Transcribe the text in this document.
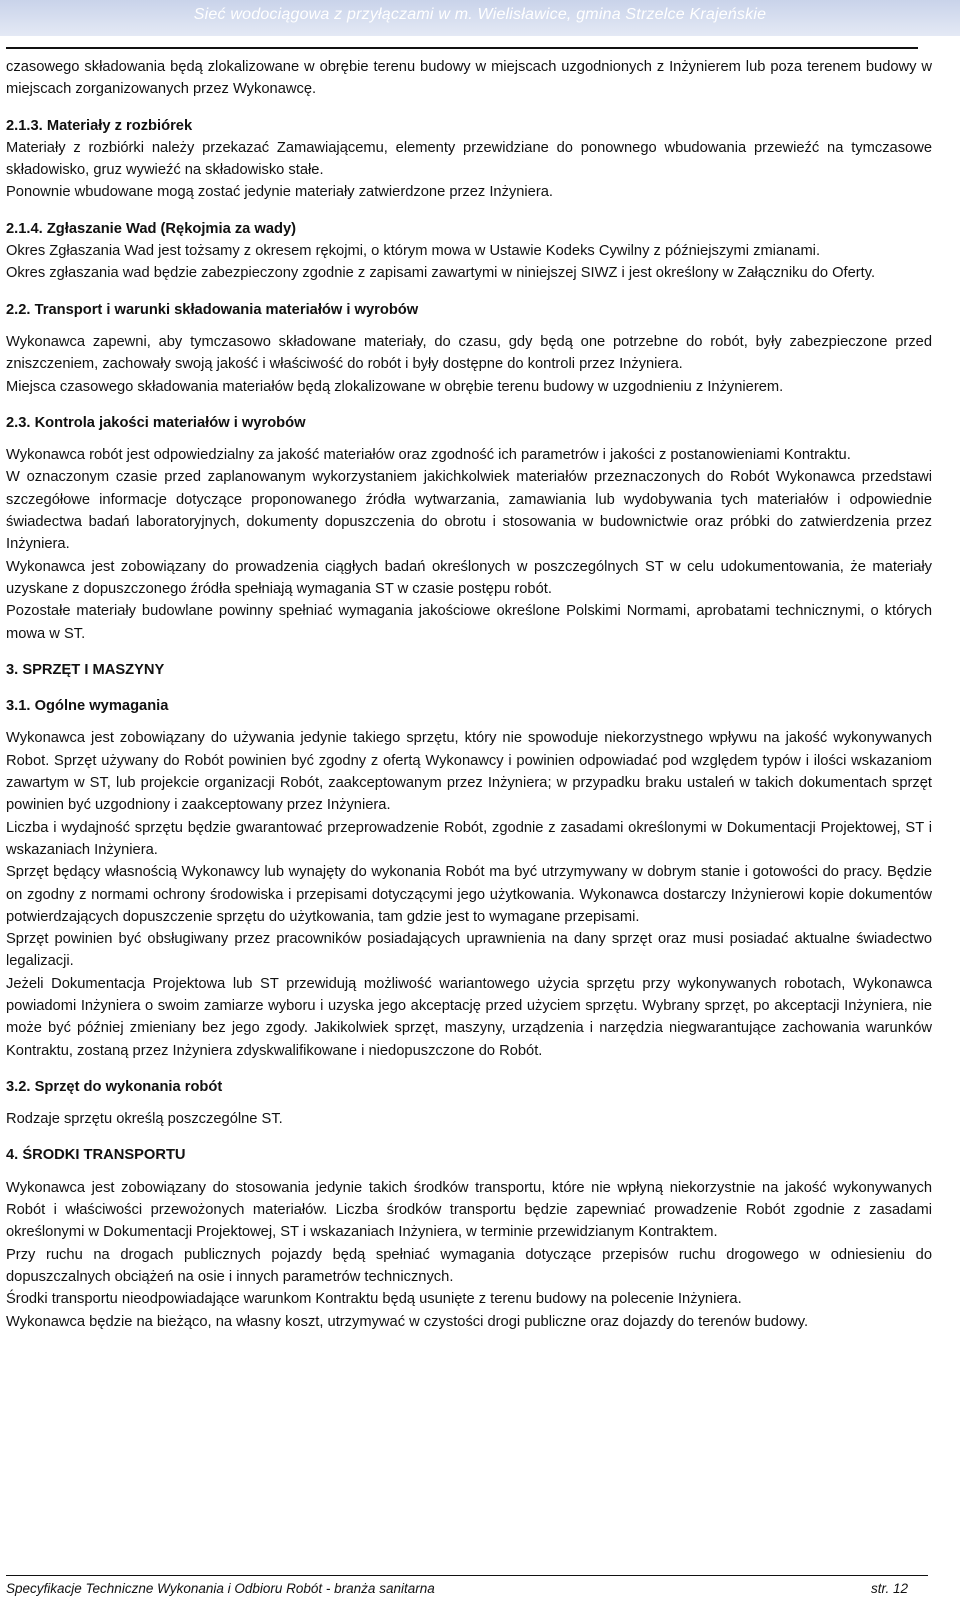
Sieć wodociągowa z przyłączami w m. Wielisławice, gmina Strzelce Krajeńskie

czasowego składowania będą zlokalizowane w obrębie terenu budowy w miejscach uzgodnionych z Inżynierem lub poza terenem budowy w miejscach zorganizowanych przez Wykonawcę.

2.1.3. Materiały z rozbiórek

Materiały z rozbiórki należy przekazać Zamawiającemu, elementy przewidziane do ponownego wbudowania przewieźć na tymczasowe składowisko, gruz wywieźć na składowisko stałe.

Ponownie wbudowane mogą zostać jedynie materiały zatwierdzone przez Inżyniera.

2.1.4. Zgłaszanie Wad (Rękojmia za wady)

Okres Zgłaszania Wad jest tożsamy z okresem rękojmi, o którym mowa w Ustawie Kodeks Cywilny z późniejszymi zmianami.

Okres zgłaszania wad będzie zabezpieczony zgodnie z zapisami zawartymi w niniejszej SIWZ i jest określony w Załączniku do Oferty.

2.2. Transport i warunki składowania materiałów i wyrobów

Wykonawca zapewni, aby tymczasowo składowane materiały, do czasu, gdy będą one potrzebne do robót, były zabezpieczone przed zniszczeniem, zachowały swoją jakość i właściwość do robót i były dostępne do kontroli przez Inżyniera.

Miejsca czasowego składowania materiałów będą zlokalizowane w obrębie terenu budowy w uzgodnieniu z Inżynierem.

2.3. Kontrola jakości materiałów i wyrobów

Wykonawca robót jest odpowiedzialny za jakość materiałów oraz zgodność ich parametrów i jakości z postanowieniami Kontraktu.

W oznaczonym czasie przed zaplanowanym wykorzystaniem jakichkolwiek materiałów przeznaczonych do Robót Wykonawca przedstawi szczegółowe informacje dotyczące proponowanego źródła wytwarzania, zamawiania lub wydobywania tych materiałów i odpowiednie świadectwa badań laboratoryjnych, dokumenty dopuszczenia do obrotu i stosowania w budownictwie oraz próbki do zatwierdzenia przez Inżyniera.

Wykonawca jest zobowiązany do prowadzenia ciągłych badań określonych w poszczególnych ST w celu udokumentowania, że materiały uzyskane z dopuszczonego źródła spełniają wymagania ST w czasie postępu robót.

Pozostałe materiały budowlane powinny spełniać wymagania jakościowe określone Polskimi Normami, aprobatami technicznymi, o których mowa w ST.

3. SPRZĘT I MASZYNY
3.1. Ogólne wymagania

Wykonawca jest zobowiązany do używania jedynie takiego sprzętu, który nie spowoduje niekorzystnego wpływu na jakość wykonywanych Robot. Sprzęt używany do Robót powinien być zgodny z ofertą Wykonawcy i powinien odpowiadać pod względem typów i ilości wskazaniom zawartym w ST, lub projekcie organizacji Robót, zaakceptowanym przez Inżyniera; w przypadku braku ustaleń w takich dokumentach sprzęt powinien być uzgodniony i zaakceptowany przez Inżyniera.

Liczba i wydajność sprzętu będzie gwarantować przeprowadzenie Robót, zgodnie z zasadami określonymi w Dokumentacji Projektowej, ST i wskazaniach Inżyniera.

Sprzęt będący własnością Wykonawcy lub wynajęty do wykonania Robót ma być utrzymywany w dobrym stanie i gotowości do pracy. Będzie on zgodny z normami ochrony środowiska i przepisami dotyczącymi jego użytkowania. Wykonawca dostarczy Inżynierowi kopie dokumentów potwierdzających dopuszczenie sprzętu do użytkowania, tam gdzie jest to wymagane przepisami.

Sprzęt powinien być obsługiwany przez pracowników posiadających uprawnienia na dany sprzęt oraz musi posiadać aktualne świadectwo legalizacji.

Jeżeli Dokumentacja Projektowa lub ST przewidują możliwość wariantowego użycia sprzętu przy wykonywanych robotach, Wykonawca powiadomi Inżyniera o swoim zamiarze wyboru i uzyska jego akceptację przed użyciem sprzętu. Wybrany sprzęt, po akceptacji Inżyniera, nie może być później zmieniany bez jego zgody. Jakikolwiek sprzęt, maszyny, urządzenia i narzędzia niegwarantujące zachowania warunków Kontraktu, zostaną przez Inżyniera zdyskwalifikowane i niedopuszczone do Robót.

3.2. Sprzęt do wykonania robót

Rodzaje sprzętu określą poszczególne ST.

4. ŚRODKI TRANSPORTU

Wykonawca jest zobowiązany do stosowania jedynie takich środków transportu, które nie wpłyną niekorzystnie na jakość wykonywanych Robót i właściwości przewożonych materiałów. Liczba środków transportu będzie zapewniać prowadzenie Robót zgodnie z zasadami określonymi w Dokumentacji Projektowej, ST i wskazaniach Inżyniera, w terminie przewidzianym Kontraktem.

Przy ruchu na drogach publicznych pojazdy będą spełniać wymagania dotyczące przepisów ruchu drogowego w odniesieniu do dopuszczalnych obciążeń na osie i innych parametrów technicznych.

Środki transportu nieodpowiadające warunkom Kontraktu będą usunięte z terenu budowy na polecenie Inżyniera.

Wykonawca będzie na bieżąco, na własny koszt, utrzymywać w czystości drogi publiczne oraz dojazdy do terenów budowy.

Specyfikacje Techniczne Wykonania i Odbioru Robót - branża sanitarna	str. 12
